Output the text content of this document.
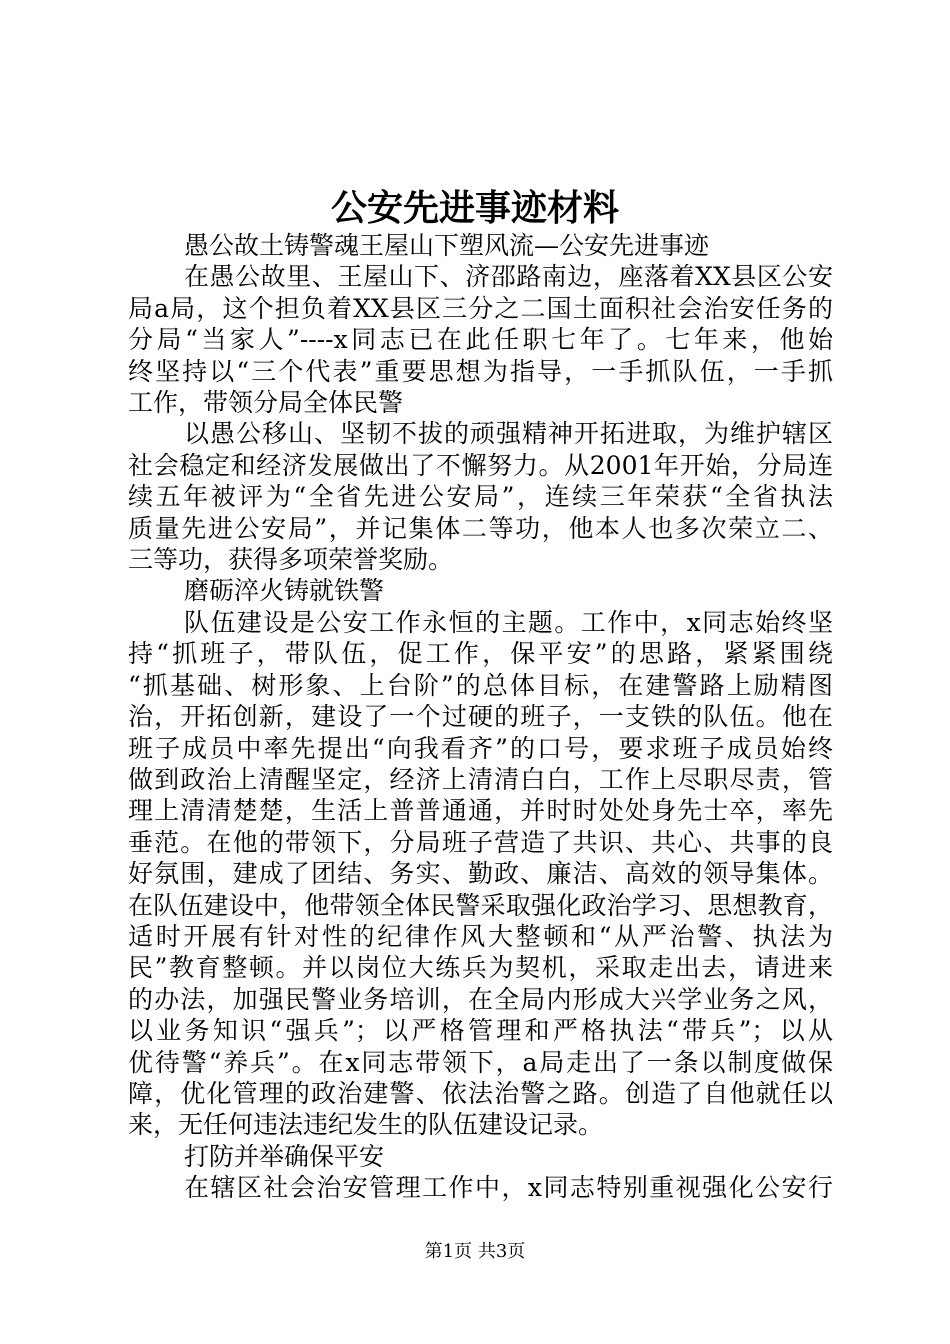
公安先进事迹材料
愚公故土铸警魂王屋山下塑风流—公安先进事迹
在愚公故里、王屋山下、济邵路南边，座落着XX县区公安
局a局，这个担负着XX县区三分之二国土面积社会治安任务的
分局“当家人”----x同志已在此任职七年了。七年来，他始
终坚持以“三个代表”重要思想为指导，一手抓队伍，一手抓
工作，带领分局全体民警
以愚公移山、坚韧不拔的顽强精神开拓进取，为维护辖区
社会稳定和经济发展做出了不懈努力。从2001年开始，分局连
续五年被评为“全省先进公安局”，连续三年荣获“全省执法
质量先进公安局”，并记集体二等功，他本人也多次荣立二、
三等功，获得多项荣誉奖励。
磨砺淬火铸就铁警
队伍建设是公安工作永恒的主题。工作中，x同志始终坚
持“抓班子，带队伍，促工作，保平安”的思路，紧紧围绕
“抓基础、树形象、上台阶”的总体目标，在建警路上励精图
治，开拓创新，建设了一个过硬的班子，一支铁的队伍。他在
班子成员中率先提出“向我看齐”的口号，要求班子成员始终
做到政治上清醒坚定，经济上清清白白，工作上尽职尽责，管
理上清清楚楚，生活上普普通通，并时时处处身先士卒，率先
垂范。在他的带领下，分局班子营造了共识、共心、共事的良
好氛围，建成了团结、务实、勤政、廉洁、高效的领导集体。
在队伍建设中，他带领全体民警采取强化政治学习、思想教育，
适时开展有针对性的纪律作风大整顿和“从严治警、执法为
民”教育整顿。并以岗位大练兵为契机，采取走出去，请进来
的办法，加强民警业务培训，在全局内形成大兴学业务之风，
以业务知识“强兵”；以严格管理和严格执法“带兵”；以从
优待警“养兵”。在x同志带领下，a局走出了一条以制度做保
障，优化管理的政治建警、依法治警之路。创造了自他就任以
来，无任何违法违纪发生的队伍建设记录。
打防并举确保平安
在辖区社会治安管理工作中，x同志特别重视强化公安行
第1页 共3页
